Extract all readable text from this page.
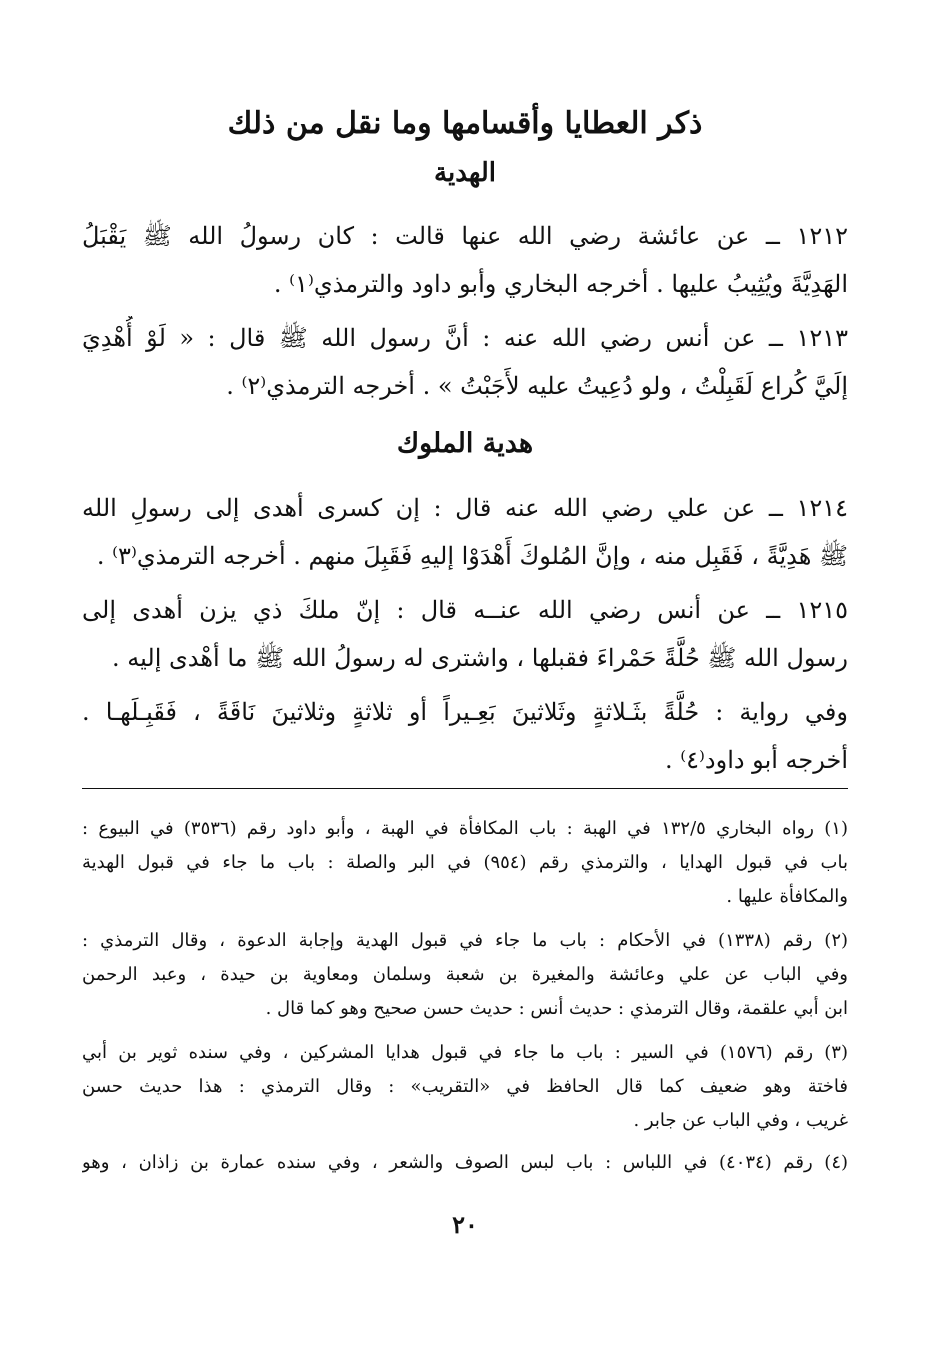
ذكر العطايا وأقسامها وما نقل من ذلك
الهدية
١٢١٢ ــ عن عائشة رضي الله عنها قالت : كان رسولُ الله ﷺ يَقْبَلُ
الهَدِيَّةَ ويُثِيبُ عليها . أخرجه البخاري وأبو داود والترمذي⁽١⁾ .
١٢١٣ ــ عن أنس رضي الله عنه : أنَّ رسول الله ﷺ قال : « لَوْ أُهْدِيَ
إلَيَّ كُراع لَقَبِلْتُ ، ولو دُعِيتُ عليه لأَجَبْتُ » . أخرجه الترمذي⁽٢⁾ .
هدية الملوك
١٢١٤ ــ عن علي رضي الله عنه قال : إن كسرى أهدى إلى رسولِ الله
ﷺ هَدِيَّةً ، فَقَبِل منه ، وإنَّ المُلوكَ أَهْدَوْا إليهِ فَقَبِلَ منهم . أخرجه الترمذي⁽٣⁾ .
١٢١٥ ــ عن أنس رضي الله عنــه قال : إنّ ملكَ ذي يزن أهدى إلى
رسول الله ﷺ حُلَّةً حَمْراءَ فقبلها ، واشترى له رسولُ الله ﷺ ما أهْدى إليه .
وفي رواية : حُلَّةً بثَـلاثةٍ وثَلاثينَ بَعِـيراً أو ثلاثةٍ وثلاثينَ نَاقَةً ، فَقَبِـلَهـا .
أخرجه أبو داود⁽٤⁾ .
(١) رواه البخاري ١٣٢/٥ في الهبة : باب المكافأة في الهبة ، وأبو داود رقم (٣٥٣٦) في البيوع :
باب في قبول الهدايا ، والترمذي رقم (٩٥٤) في البر والصلة : باب ما جاء في قبول الهدية
والمكافأة عليها .
(٢) رقم (١٣٣٨) في الأحكام : باب ما جاء في قبول الهدية وإجابة الدعوة ، وقال الترمذي :
وفي الباب عن علي وعائشة والمغيرة بن شعبة وسلمان ومعاوية بن حيدة ، وعبد الرحمن
ابن أبي علقمة، وقال الترمذي : حديث أنس : حديث حسن صحيح وهو كما قال .
(٣) رقم (١٥٧٦) في السير : باب ما جاء في قبول هدايا المشركين ، وفي سنده ثوير بن أبي
فاختة وهو ضعيف كما قال الحافظ في «التقريب» : وقال الترمذي : هذا حديث حسن
غريب ، وفي الباب عن جابر .
(٤) رقم (٤٠٣٤) في اللباس : باب لبس الصوف والشعر ، وفي سنده عمارة بن زاذان ، وهو
٢٠
